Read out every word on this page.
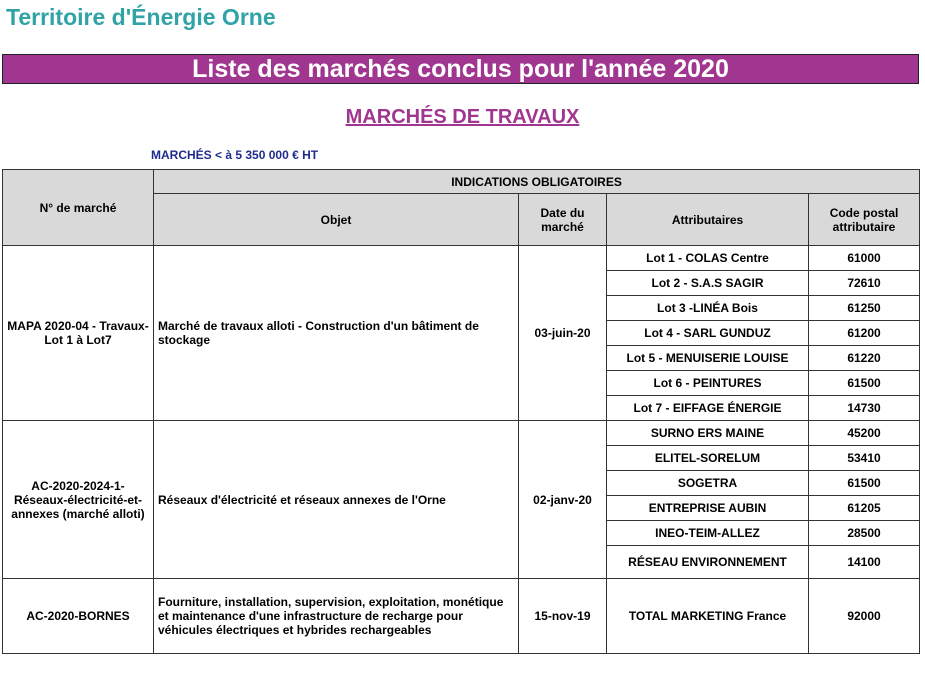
Territoire d'Énergie Orne
Liste des marchés conclus pour l'année 2020
MARCHÉS DE TRAVAUX
MARCHÉS < à 5 350 000 € HT
N° de marché	INDICATIONS OBLIGATOIRES			
	Objet	Date du marché	Attributaires	Code postal attributaire
MAPA 2020-04 - Travaux- Lot 1 à Lot7	Marché de travaux alloti - Construction d'un bâtiment de stockage	03-juin-20	Lot 1 - COLAS Centre	61000
			Lot 2 - S.A.S SAGIR	72610
			Lot 3 -LINÉA Bois	61250
			Lot 4 - SARL GUNDUZ	61200
			Lot 5 - MENUISERIE LOUISE	61220
			Lot 6 - PEINTURES	61500
			Lot 7 - EIFFAGE ÉNERGIE	14730
AC-2020-2024-1- Réseaux-électricité-et- annexes (marché alloti)	Réseaux d'électricité et réseaux annexes de l'Orne	02-janv-20	SURNO ERS MAINE	45200
			ELITEL-SORELUM	53410
			SOGETRA	61500
			ENTREPRISE AUBIN	61205
			INEO-TEIM-ALLEZ	28500
			RÉSEAU ENVIRONNEMENT	14100
AC-2020-BORNES	Fourniture, installation, supervision, exploitation, monétique et maintenance d'une infrastructure de recharge pour véhicules électriques et hybrides rechargeables	15-nov-19	TOTAL MARKETING France	92000
